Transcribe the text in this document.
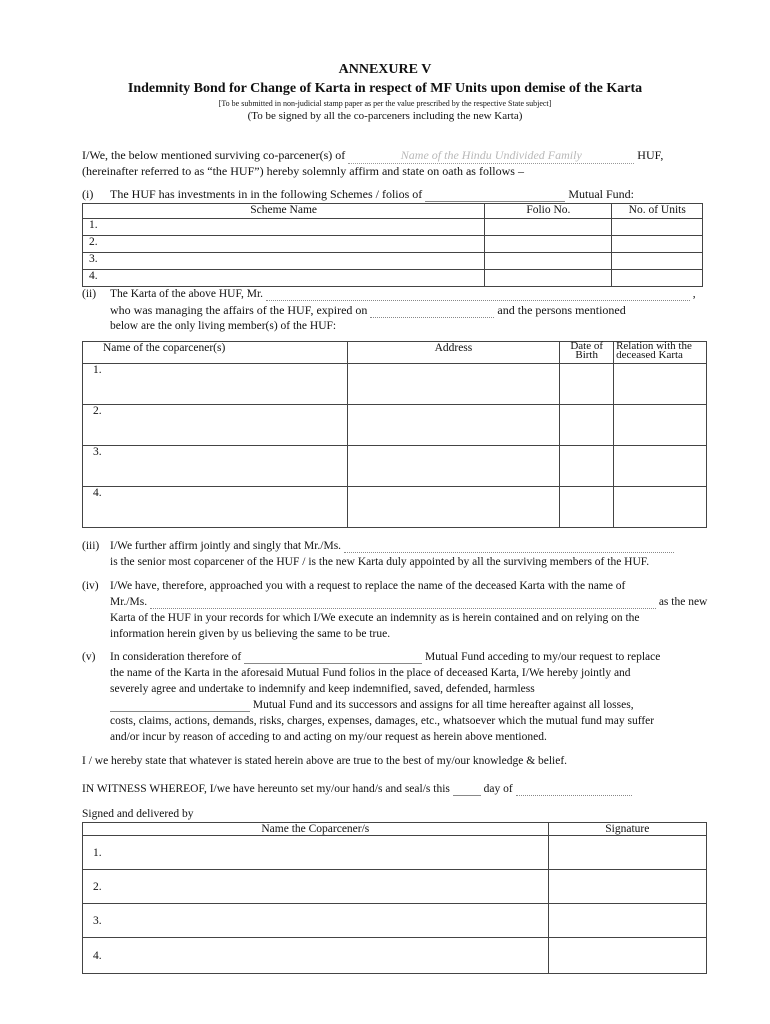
ANNEXURE V
Indemnity Bond for Change of Karta in respect of MF Units upon demise of the Karta
[To be submitted in non-judicial stamp paper as per the value prescribed by the respective State subject]
(To be signed by all the co-parceners including the new Karta)
I/We, the below mentioned surviving co-parcener(s) of	Name of the Hindu Undivided Family	HUF,
(hereinafter referred to as “the HUF”) hereby solemnly affirm and state on oath as follows –
(i) The HUF has investments in in the following Schemes / folios of	Mutual Fund:
Scheme Name	Folio No.	No. of Units
1.		
2.		
3.		
4.		
(ii) The Karta of the above HUF, Mr.	,
who was managing the affairs of the HUF, expired on	and the persons mentioned
below are the only living member(s) of the HUF:
Name of the coparcener(s)	Address	Date of Birth	Relation with the deceased Karta
1.			
2.			
3.			
4.			
(iii) I/We further affirm jointly and singly that Mr./Ms.
is the senior most coparcener of the HUF / is the new Karta duly appointed by all the surviving members of the HUF.
(iv) I/We have, therefore, approached you with a request to replace the name of the deceased Karta with the name of
Mr./Ms.	as the new
Karta of the HUF in your records for which I/We execute an indemnity as is herein contained and on relying on the
information herein given by us believing the same to be true.
(v) In consideration therefore of	Mutual Fund acceding to my/our request to replace
the name of the Karta in the aforesaid Mutual Fund folios in the place of deceased Karta, I/We hereby jointly and
severely agree and undertake to indemnify and keep indemnified, saved, defended, harmless
Mutual Fund and its successors and assigns for all time hereafter against all losses,
costs, claims, actions, demands, risks, charges, expenses, damages, etc., whatsoever which the mutual fund may suffer
and/or incur by reason of acceding to and acting on my/our request as herein above mentioned.
I / we hereby state that whatever is stated herein above are true to the best of my/our knowledge & belief.
IN WITNESS WHEREOF, I/we have hereunto set my/our hand/s and seal/s this	day of
Signed and delivered by
Name the Coparcener/s	Signature
1.	
2.	
3.	
4.	
